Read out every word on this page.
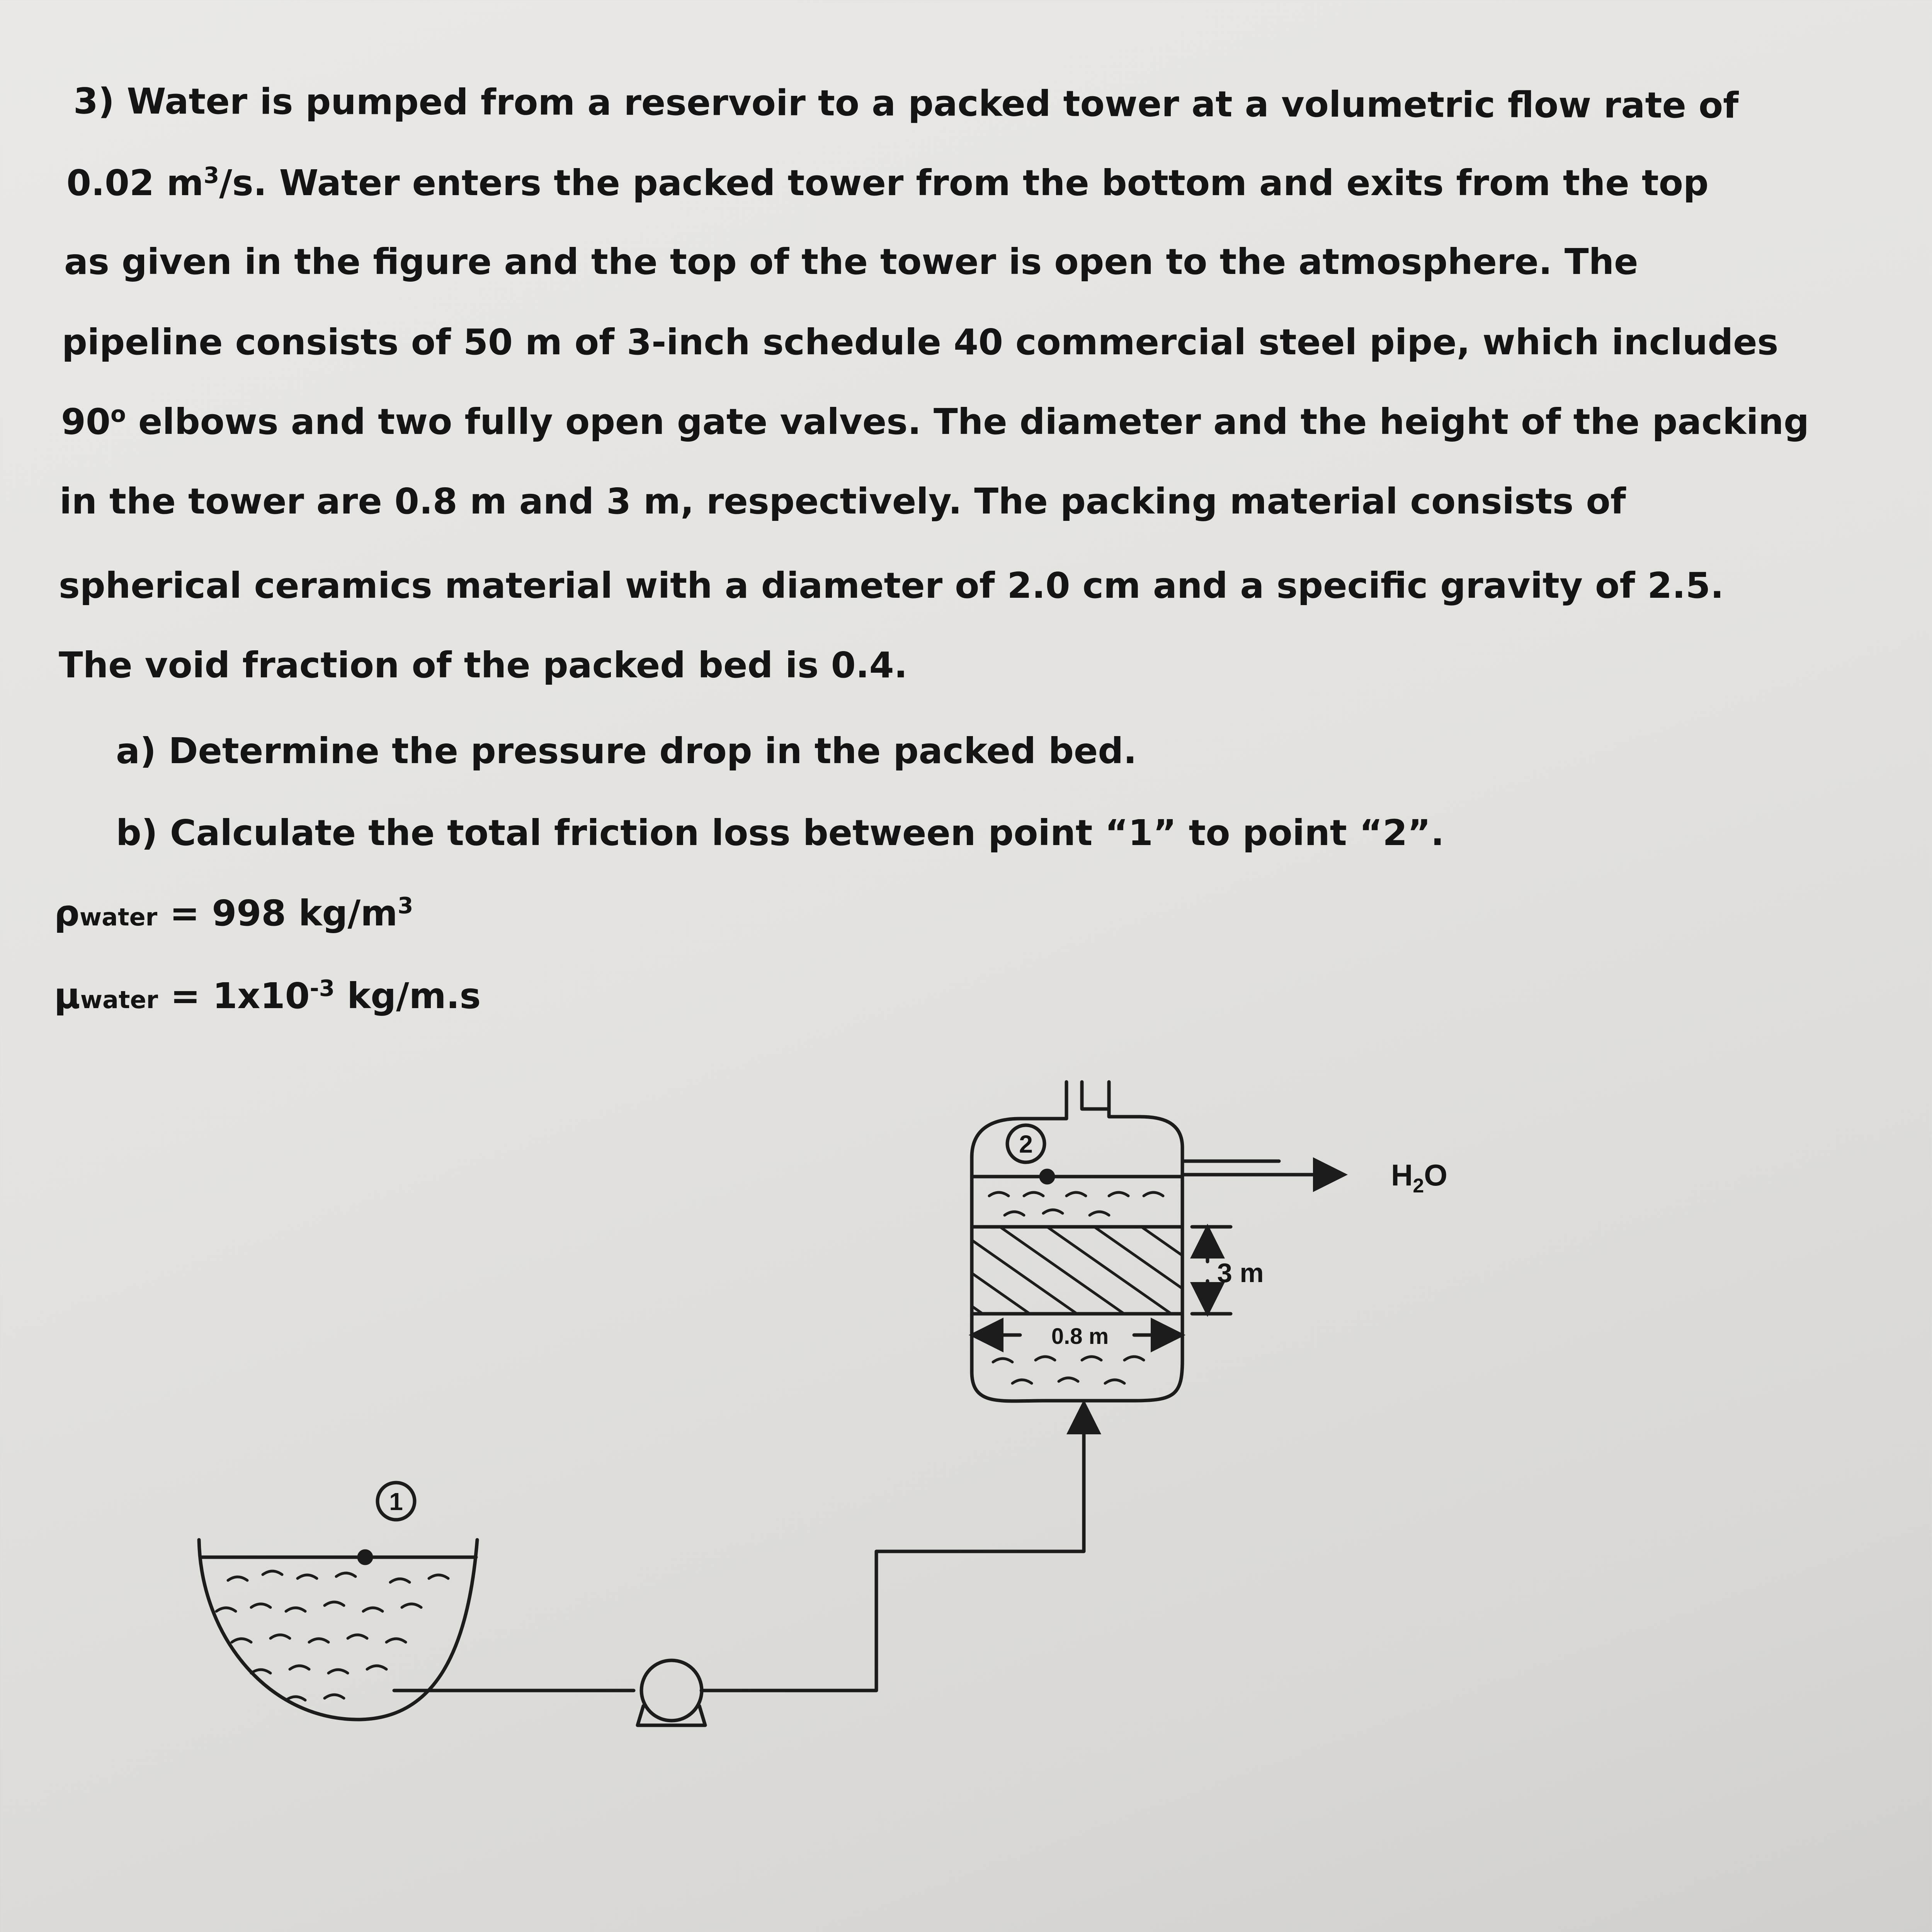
3) Water is pumped from a reservoir to a packed tower at a volumetric flow rate of
0.02 $m^3/s$. Water enters the packed tower from the bottom and exits from the top
as given in the figure and the top of the tower is open to the atmosphere. The
pipeline consists of 50 m of 3-inch schedule 40 commercial steel pipe, which includes
90$^o$ elbows and two fully open gate valves. The diameter and the height of the packing
in the tower are 0.8 m and 3 m, respectively. The packing material consists of
spherical ceramics material with a diameter of 2.0 cm and a specific gravity of 2.5.
The void fraction of the packed bed is 0.4.
a) Determine the pressure drop in the packed bed.
b) Calculate the total friction loss between point “1” to point “2”.
ρwater = 998 $kg/m^3$
μwater = $1x10^{-3}$ kg/m.s
1
2
3 m
0.8 m
$H_2O$
